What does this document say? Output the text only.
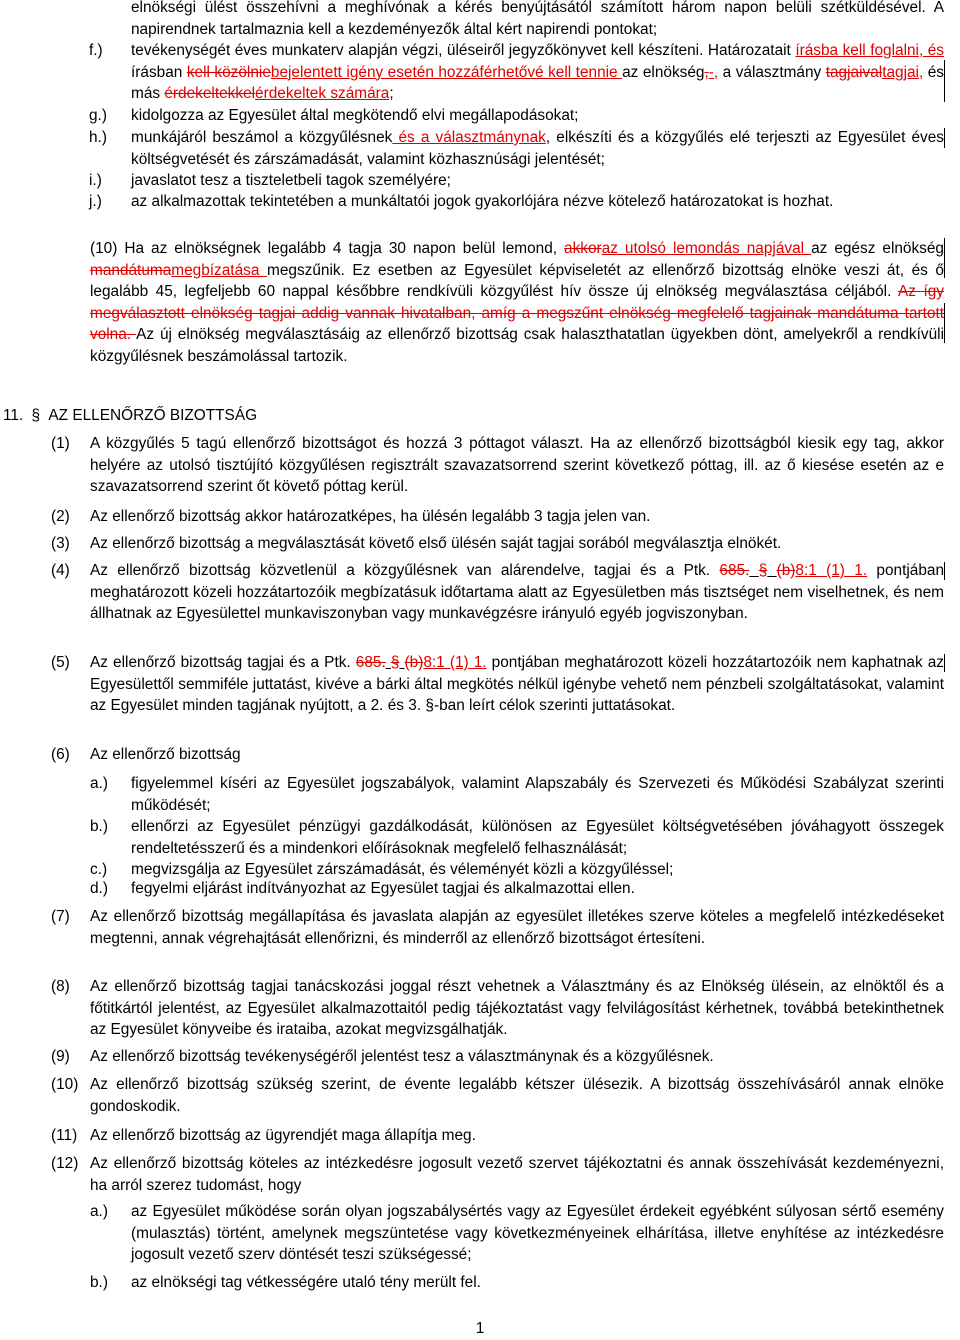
elnökségi ülést összehívni a meghívónak a kérés benyújtásától számított három napon belüli szétküldésével. A napirendnek tartalmaznia kell a kezdeményezők által kért napirendi pontokat;
f.) tevékenységét éves munkaterv alapján végzi, üléseiről jegyzőkönyvet kell készíteni. Határozatait írásba kell foglalni, és írásban kell közölniebejelentett igény esetén hozzáférhetővé kell tennie az elnökség,-, a választmány tagjaivaltagjai, és más érdekeltekkelérdekeltek számára;
g.) kidolgozza az Egyesület által megkötendő elvi megállapodásokat;
h.) munkájáról beszámol a közgyűlésnek és a választmánynak, elkészíti és a közgyűlés elé terjeszti az Egyesület éves költségvetését és zárszámadását, valamint közhasznúsági jelentését;
i.) javaslatot tesz a tiszteletbeli tagok személyére;
j.) az alkalmazottak tekintetében a munkáltatói jogok gyakorlójára nézve kötelező határozatokat is hozhat.
(10) Ha az elnökségnek legalább 4 tagja 30 napon belül lemond, akkoraz utolsó lemondás napjával az egész elnökség mandátumamegbízatása megszűnik. Ez esetben az Egyesület képviseletét az ellenőrző bizottság elnöke veszi át, és ő legalább 45, legfeljebb 60 nappal későbbre rendkívüli közgyűlést hív össze új elnökség megválasztása céljából. Az így megválasztott elnökség tagjai addig vannak hivatalban, amíg a megszűnt elnökség megfelelő tagjainak mandátuma tartott volna. Az új elnökség megválasztásáig az ellenőrző bizottság csak halaszthatatlan ügyekben dönt, amelyekről a rendkívüli közgyűlésnek beszámolással tartozik.
11. § AZ ELLENŐRZŐ BIZOTTSÁG
(1) A közgyűlés 5 tagú ellenőrző bizottságot és hozzá 3 póttagot választ. Ha az ellenőrző bizottságból kiesik egy tag, akkor helyére az utolsó tisztújító közgyűlésen regisztrált szavazatsorrend szerint következő póttag, ill. az ő kiesése esetén az e szavazatsorrend szerint őt követő póttag kerül.
(2) Az ellenőrző bizottság akkor határozatképes, ha ülésén legalább 3 tagja jelen van.
(3) Az ellenőrző bizottság a megválasztását követő első ülésén saját tagjai sorából megválasztja elnökét.
(4) Az ellenőrző bizottság közvetlenül a közgyűlésnek van alárendelve, tagjai és a Ptk. 685. § (b)8:1 (1) 1. pontjában meghatározott közeli hozzátartozóik megbízatásuk időtartama alatt az Egyesületben más tisztséget nem viselhetnek, és nem állhatnak az Egyesülettel munkaviszonyban vagy munkavégzésre irányuló egyéb jogviszonyban.
(5) Az ellenőrző bizottság tagjai és a Ptk. 685. § (b)8:1 (1) 1. pontjában meghatározott közeli hozzátartozóik nem kaphatnak az Egyesülettől semmiféle juttatást, kivéve a bárki által megkötés nélkül igénybe vehető nem pénzbeli szolgáltatásokat, valamint az Egyesület minden tagjának nyújtott, a 2. és 3. §-ban leírt célok szerinti juttatásokat.
(6) Az ellenőrző bizottság
a.) figyelemmel kíséri az Egyesület jogszabályok, valamint Alapszabály és Szervezeti és Működési Szabályzat szerinti működését;
b.) ellenőrzi az Egyesület pénzügyi gazdálkodását, különösen az Egyesület költségvetésében jóváhagyott összegek rendeltetésszerű és a mindenkori előírásoknak megfelelő felhasználását;
c.) megvizsgálja az Egyesület zárszámadását, és véleményét közli a közgyűléssel;
d.) fegyelmi eljárást indítványozhat az Egyesület tagjai és alkalmazottai ellen.
(7) Az ellenőrző bizottság megállapítása és javaslata alapján az egyesület illetékes szerve köteles a megfelelő intézkedéseket megtenni, annak végrehajtását ellenőrizni, és minderről az ellenőrző bizottságot értesíteni.
(8) Az ellenőrző bizottság tagjai tanácskozási joggal részt vehetnek a Választmány és az Elnökség ülésein, az elnöktől és a főtitkártól jelentést, az Egyesület alkalmazottaitól pedig tájékoztatást vagy felvilágosítást kérhetnek, továbbá betekinthetnek az Egyesület könyveibe és irataiba, azokat megvizsgálhatják.
(9) Az ellenőrző bizottság tevékenységéről jelentést tesz a választmánynak és a közgyűlésnek.
(10) Az ellenőrző bizottság szükség szerint, de évente legalább kétszer ülésezik. A bizottság összehívásáról annak elnöke gondoskodik.
(11) Az ellenőrző bizottság az ügyrendjét maga állapítja meg.
(12) Az ellenőrző bizottság köteles az intézkedésre jogosult vezető szervet tájékoztatni és annak összehívását kezdeményezni, ha arról szerez tudomást, hogy
a.) az Egyesület működése során olyan jogszabálysértés vagy az Egyesület érdekeit egyébként súlyosan sértő esemény (mulasztás) történt, amelynek megszüntetése vagy következményeinek elhárítása, illetve enyhítése az intézkedésre jogosult vezető szerv döntését teszi szükségessé;
b.) az elnökségi tag vétkességére utaló tény merült fel.
1
